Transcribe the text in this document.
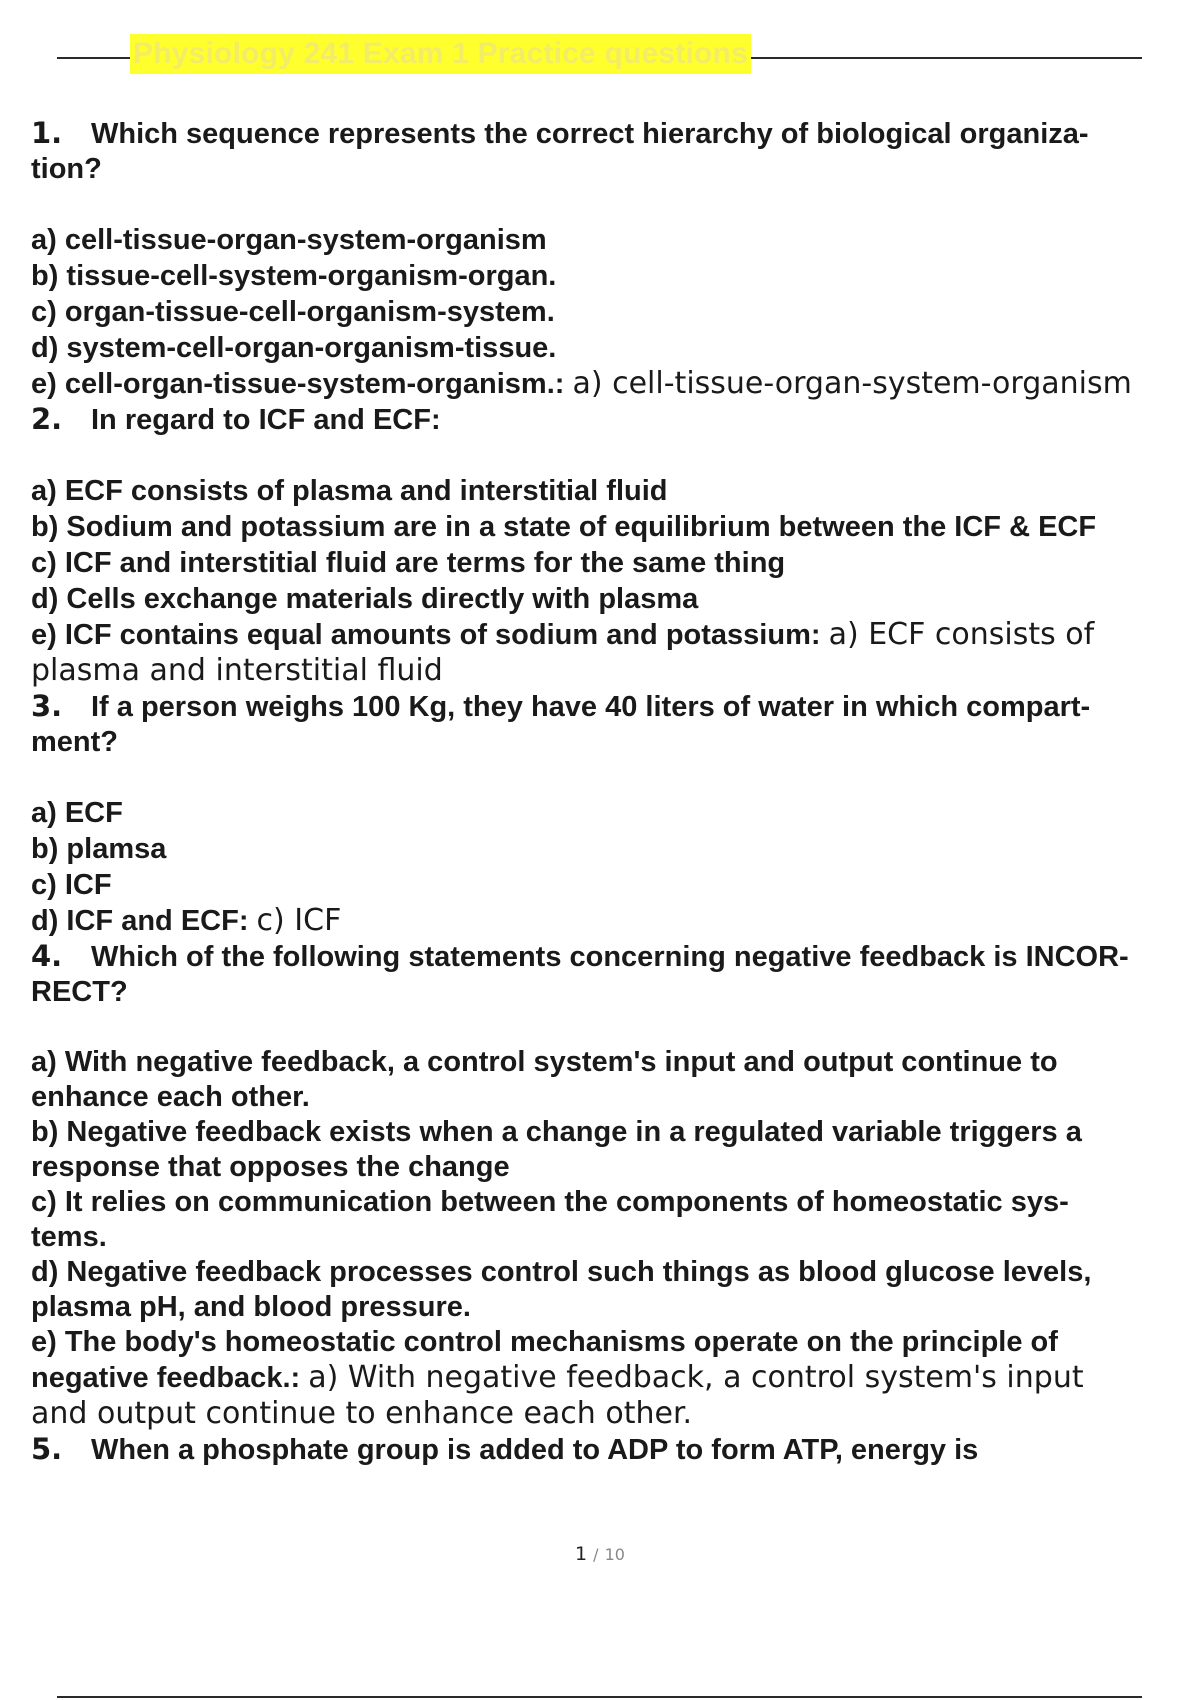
Physiology 241 Exam 1 Practice questions

1. Which sequence represents the correct hierarchy of biological organiza- tion?

a) cell-tissue-organ-system-organism

b) tissue-cell-system-organism-organ.

c) organ-tissue-cell-organism-system.

d) system-cell-organ-organism-tissue.

e) cell-organ-tissue-system-organism.: a) cell-tissue-organ-system-organism

2. In regard to ICF and ECF:

a) ECF consists of plasma and interstitial fluid

b) Sodium and potassium are in a state of equilibrium between the ICF & ECF

c) ICF and interstitial fluid are terms for the same thing

d) Cells exchange materials directly with plasma

e) ICF contains equal amounts of sodium and potassium: a) ECF consists of plasma and interstitial fluid

3. If a person weighs 100 Kg, they have 40 liters of water in which compart- ment?

a) ECF

b) plamsa

c) ICF

d) ICF and ECF: c) ICF

4. Which of the following statements concerning negative feedback is INCOR- RECT?

a) With negative feedback, a control system's input and output continue to enhance each other.

b) Negative feedback exists when a change in a regulated variable triggers a response that opposes the change

c) It relies on communication between the components of homeostatic sys- tems.

d) Negative feedback processes control such things as blood glucose levels, plasma pH, and blood pressure.

e) The body's homeostatic control mechanisms operate on the principle of negative feedback.: a) With negative feedback, a control system's input and output continue to enhance each other.

5. When a phosphate group is added to ADP to form ATP, energy is

1 / 10
